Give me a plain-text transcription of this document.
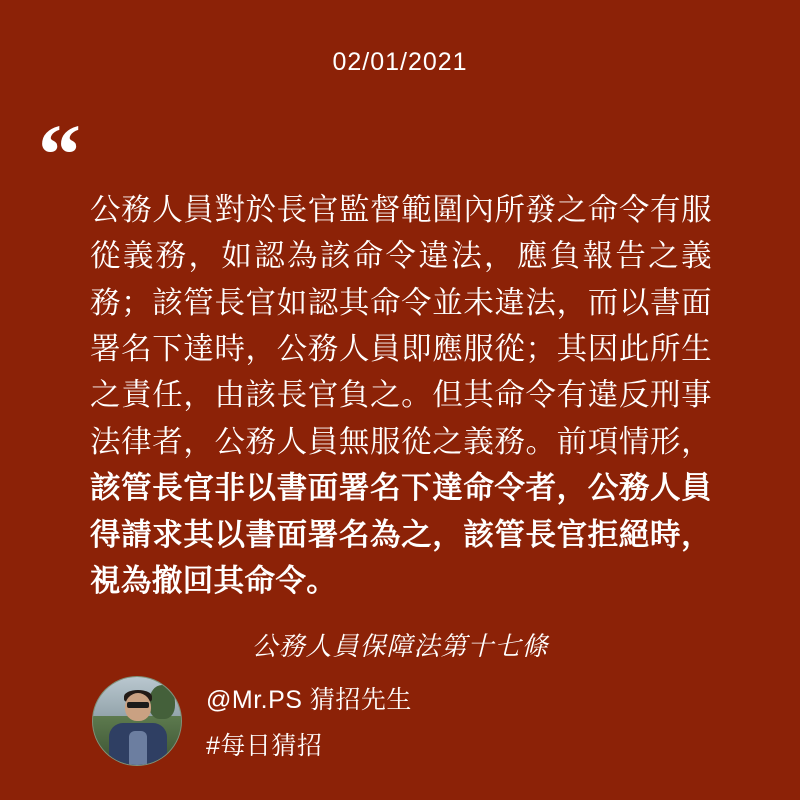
02/01/2021
“
公務人員對於長官監督範圍內所發之命令有服從義務，如認為該命令違法，應負報告之義務；該管長官如認其命令並未違法，而以書面署名下達時，公務人員即應服從；其因此所生之責任，由該長官負之。但其命令有違反刑事法律者，公務人員無服從之義務。前項情形，該管長官非以書面署名下達命令者，公務人員得請求其以書面署名為之，該管長官拒絕時，視為撤回其命令。
公務人員保障法第十七條
@Mr.PS 猜招先生
#每日猜招
